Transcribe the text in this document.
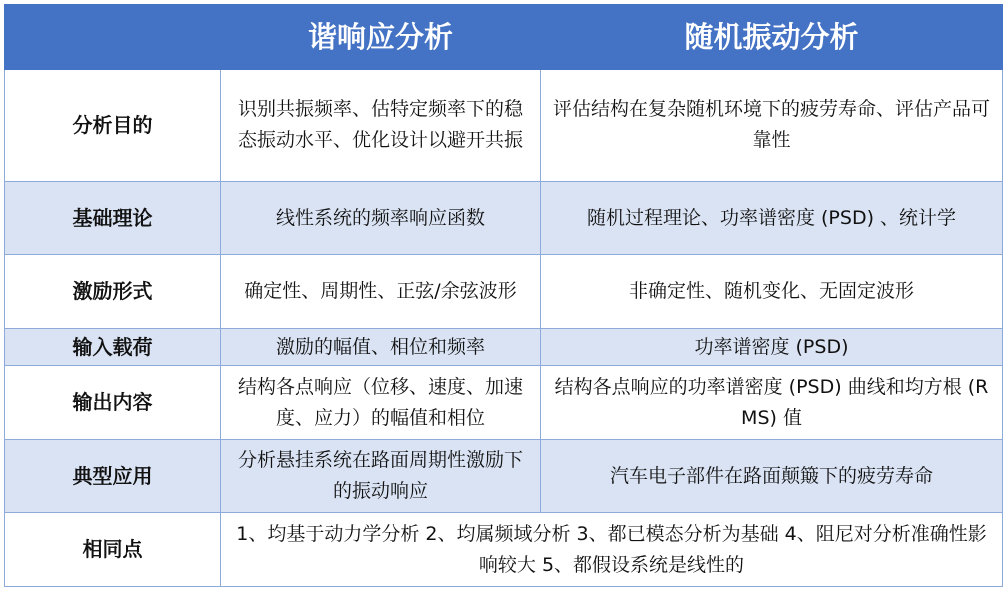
	谐响应分析	随机振动分析
分析目的	识别共振频率、估特定频率下的稳态振动水平、优化设计以避开共振	评估结构在复杂随机环境下的疲劳寿命、评估产品可靠性
基础理论	线性系统的频率响应函数	随机过程理论、功率谱密度 (PSD) 、统计学
激励形式	确定性、周期性、正弦/余弦波形	非确定性、随机变化、无固定波形
输入载荷	激励的幅值、相位和频率	功率谱密度 (PSD)
输出内容	结构各点响应（位移、速度、加速度、应力）的幅值和相位	结构各点响应的功率谱密度 (PSD) 曲线和均方根 (RMS) 值
典型应用	分析悬挂系统在路面周期性激励下的振动响应	汽车电子部件在路面颠簸下的疲劳寿命
相同点	1、均基于动力学分析 2、均属频域分析 3、都已模态分析为基础 4、阻尼对分析准确性影响较大 5、都假设系统是线性的	
